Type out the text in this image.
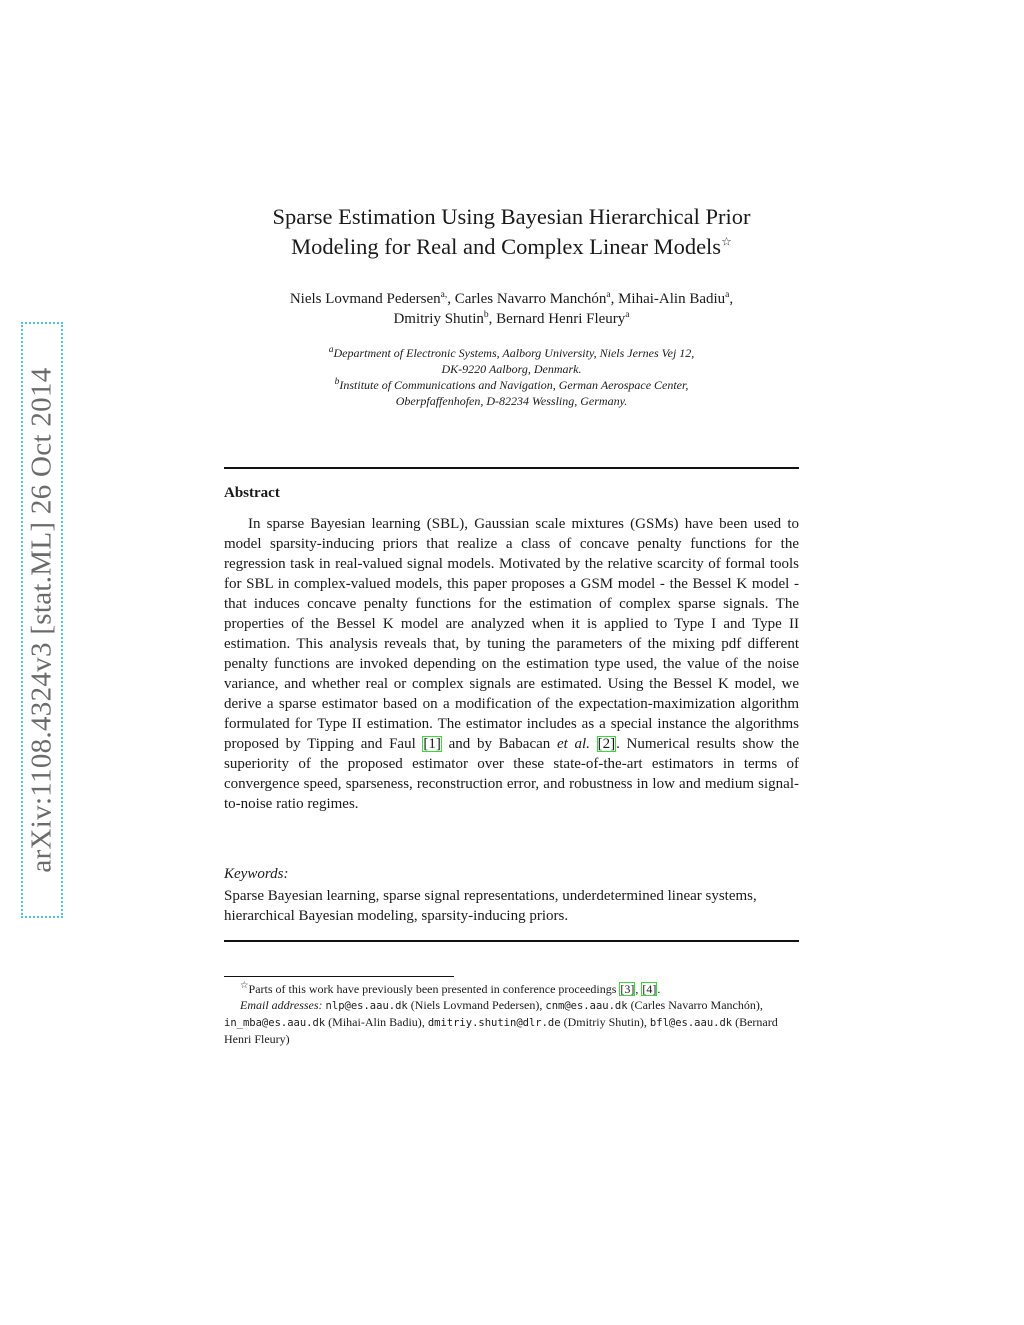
arXiv:1108.4324v3 [stat.ML] 26 Oct 2014
Sparse Estimation Using Bayesian Hierarchical Prior
Modeling for Real and Complex Linear Models☆
Niels Lovmand Pedersen$^{a,}$, Carles Navarro Manchón$^a$, Mihai-Alin Badiu$^a$,
Dmitriy Shutin$^b$, Bernard Henri Fleury$^a$
$^a$Department of Electronic Systems, Aalborg University, Niels Jernes Vej 12,
DK-9220 Aalborg, Denmark.
$^b$Institute of Communications and Navigation, German Aerospace Center,
Oberpfaffenhofen, D-82234 Wessling, Germany.
Abstract

In sparse Bayesian learning (SBL), Gaussian scale mixtures (GSMs) have been used to model sparsity-inducing priors that realize a class of concave penalty functions for the regression task in real-valued signal models. Motivated by the relative scarcity of formal tools for SBL in complex-valued models, this paper proposes a GSM model - the Bessel K model - that induces concave penalty functions for the estimation of complex sparse signals. The properties of the Bessel K model are analyzed when it is applied to Type I and Type II estimation. This analysis reveals that, by tuning the parameters of the mixing pdf different penalty functions are invoked depending on the estimation type used, the value of the noise variance, and whether real or complex signals are estimated. Using the Bessel K model, we derive a sparse estimator based on a modification of the expectation-maximization algorithm formulated for Type II estimation. The estimator includes as a special instance the algorithms proposed by Tipping and Faul [ 1 ] and by Babacan et al. [ 2 ] . Numerical results show the superiority of the proposed estimator over these state-of-the-art estimators in terms of convergence speed, sparseness, reconstruction error, and robustness in low and medium signal-to-noise ratio regimes.

Keywords:
Sparse Bayesian learning, sparse signal representations, underdetermined linear systems, hierarchical Bayesian modeling, sparsity-inducing priors.

☆Parts of this work have previously been presented in conference proceedings [ 3 ] , [ 4 ] .

Email addresses: nlp@es.aau.dk (Niels Lovmand Pedersen), cnm@es.aau.dk (Carles Navarro Manchón), in_mba@es.aau.dk (Mihai-Alin Badiu), dmitriy.shutin@dlr.de (Dmitriy Shutin), bfl@es.aau.dk (Bernard Henri Fleury)
